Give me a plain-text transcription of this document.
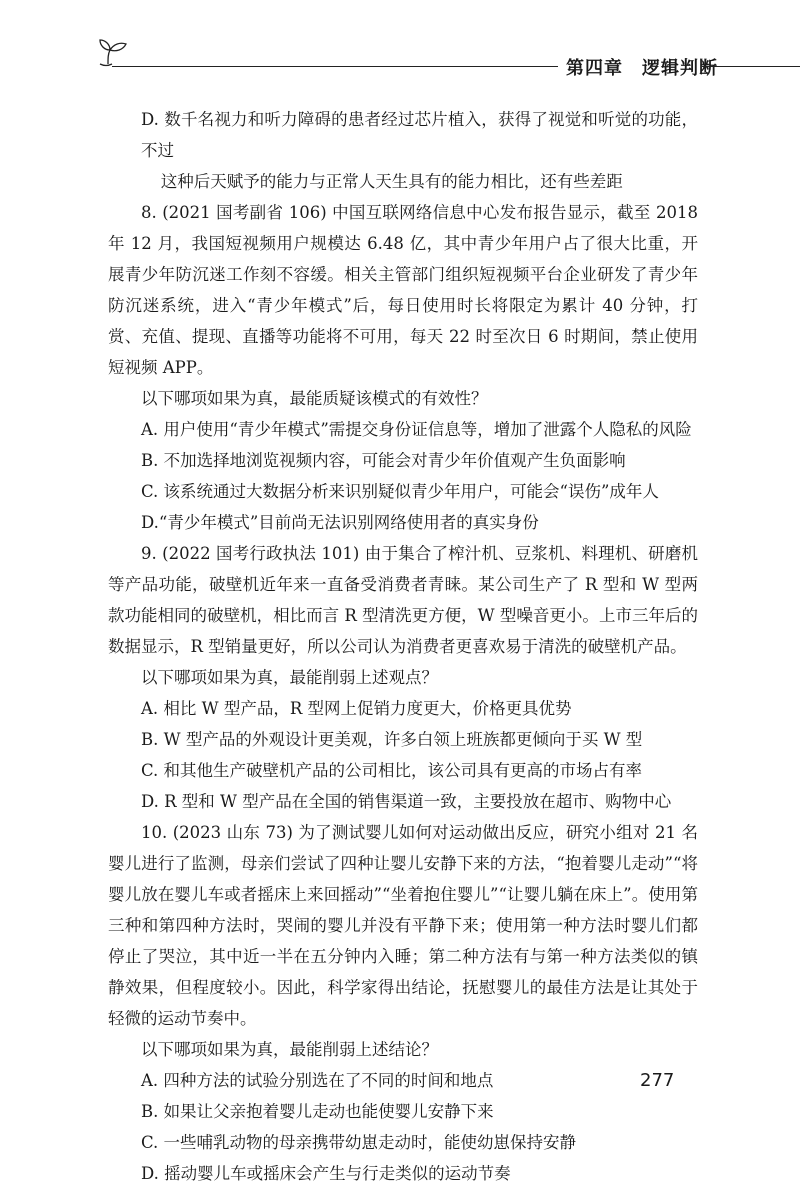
第四章　逻辑判断

D. 数千名视力和听力障碍的患者经过芯片植入，获得了视觉和听觉的功能，不过

这种后天赋予的能力与正常人天生具有的能力相比，还有些差距

8. (2021 国考副省 106) 中国互联网络信息中心发布报告显示，截至 2018 年 12 月，我国短视频用户规模达 6.48 亿，其中青少年用户占了很大比重，开展青少年防沉迷工作刻不容缓。相关主管部门组织短视频平台企业研发了青少年防沉迷系统，进入“青少年模式”后，每日使用时长将限定为累计 40 分钟，打赏、充值、提现、直播等功能将不可用，每天 22 时至次日 6 时期间，禁止使用短视频 APP。

以下哪项如果为真，最能质疑该模式的有效性？

A. 用户使用“青少年模式”需提交身份证信息等，增加了泄露个人隐私的风险

B. 不加选择地浏览视频内容，可能会对青少年价值观产生负面影响

C. 该系统通过大数据分析来识别疑似青少年用户，可能会“误伤”成年人

D.“青少年模式”目前尚无法识别网络使用者的真实身份

9. (2022 国考行政执法 101) 由于集合了榨汁机、豆浆机、料理机、研磨机等产品功能，破壁机近年来一直备受消费者青睐。某公司生产了 R 型和 W 型两款功能相同的破壁机，相比而言 R 型清洗更方便，W 型噪音更小。上市三年后的数据显示，R 型销量更好，所以公司认为消费者更喜欢易于清洗的破壁机产品。

以下哪项如果为真，最能削弱上述观点？

A. 相比 W 型产品，R 型网上促销力度更大，价格更具优势

B. W 型产品的外观设计更美观，许多白领上班族都更倾向于买 W 型

C. 和其他生产破壁机产品的公司相比，该公司具有更高的市场占有率

D. R 型和 W 型产品在全国的销售渠道一致，主要投放在超市、购物中心

10. (2023 山东 73) 为了测试婴儿如何对运动做出反应，研究小组对 21 名婴儿进行了监测，母亲们尝试了四种让婴儿安静下来的方法，“抱着婴儿走动”“将婴儿放在婴儿车或者摇床上来回摇动”“坐着抱住婴儿”“让婴儿躺在床上”。使用第三种和第四种方法时，哭闹的婴儿并没有平静下来；使用第一种方法时婴儿们都停止了哭泣，其中近一半在五分钟内入睡；第二种方法有与第一种方法类似的镇静效果，但程度较小。因此，科学家得出结论，抚慰婴儿的最佳方法是让其处于轻微的运动节奏中。

以下哪项如果为真，最能削弱上述结论？

A. 四种方法的试验分别选在了不同的时间和地点

B. 如果让父亲抱着婴儿走动也能使婴儿安静下来

C. 一些哺乳动物的母亲携带幼崽走动时，能使幼崽保持安静

D. 摇动婴儿车或摇床会产生与行走类似的运动节奏

277
